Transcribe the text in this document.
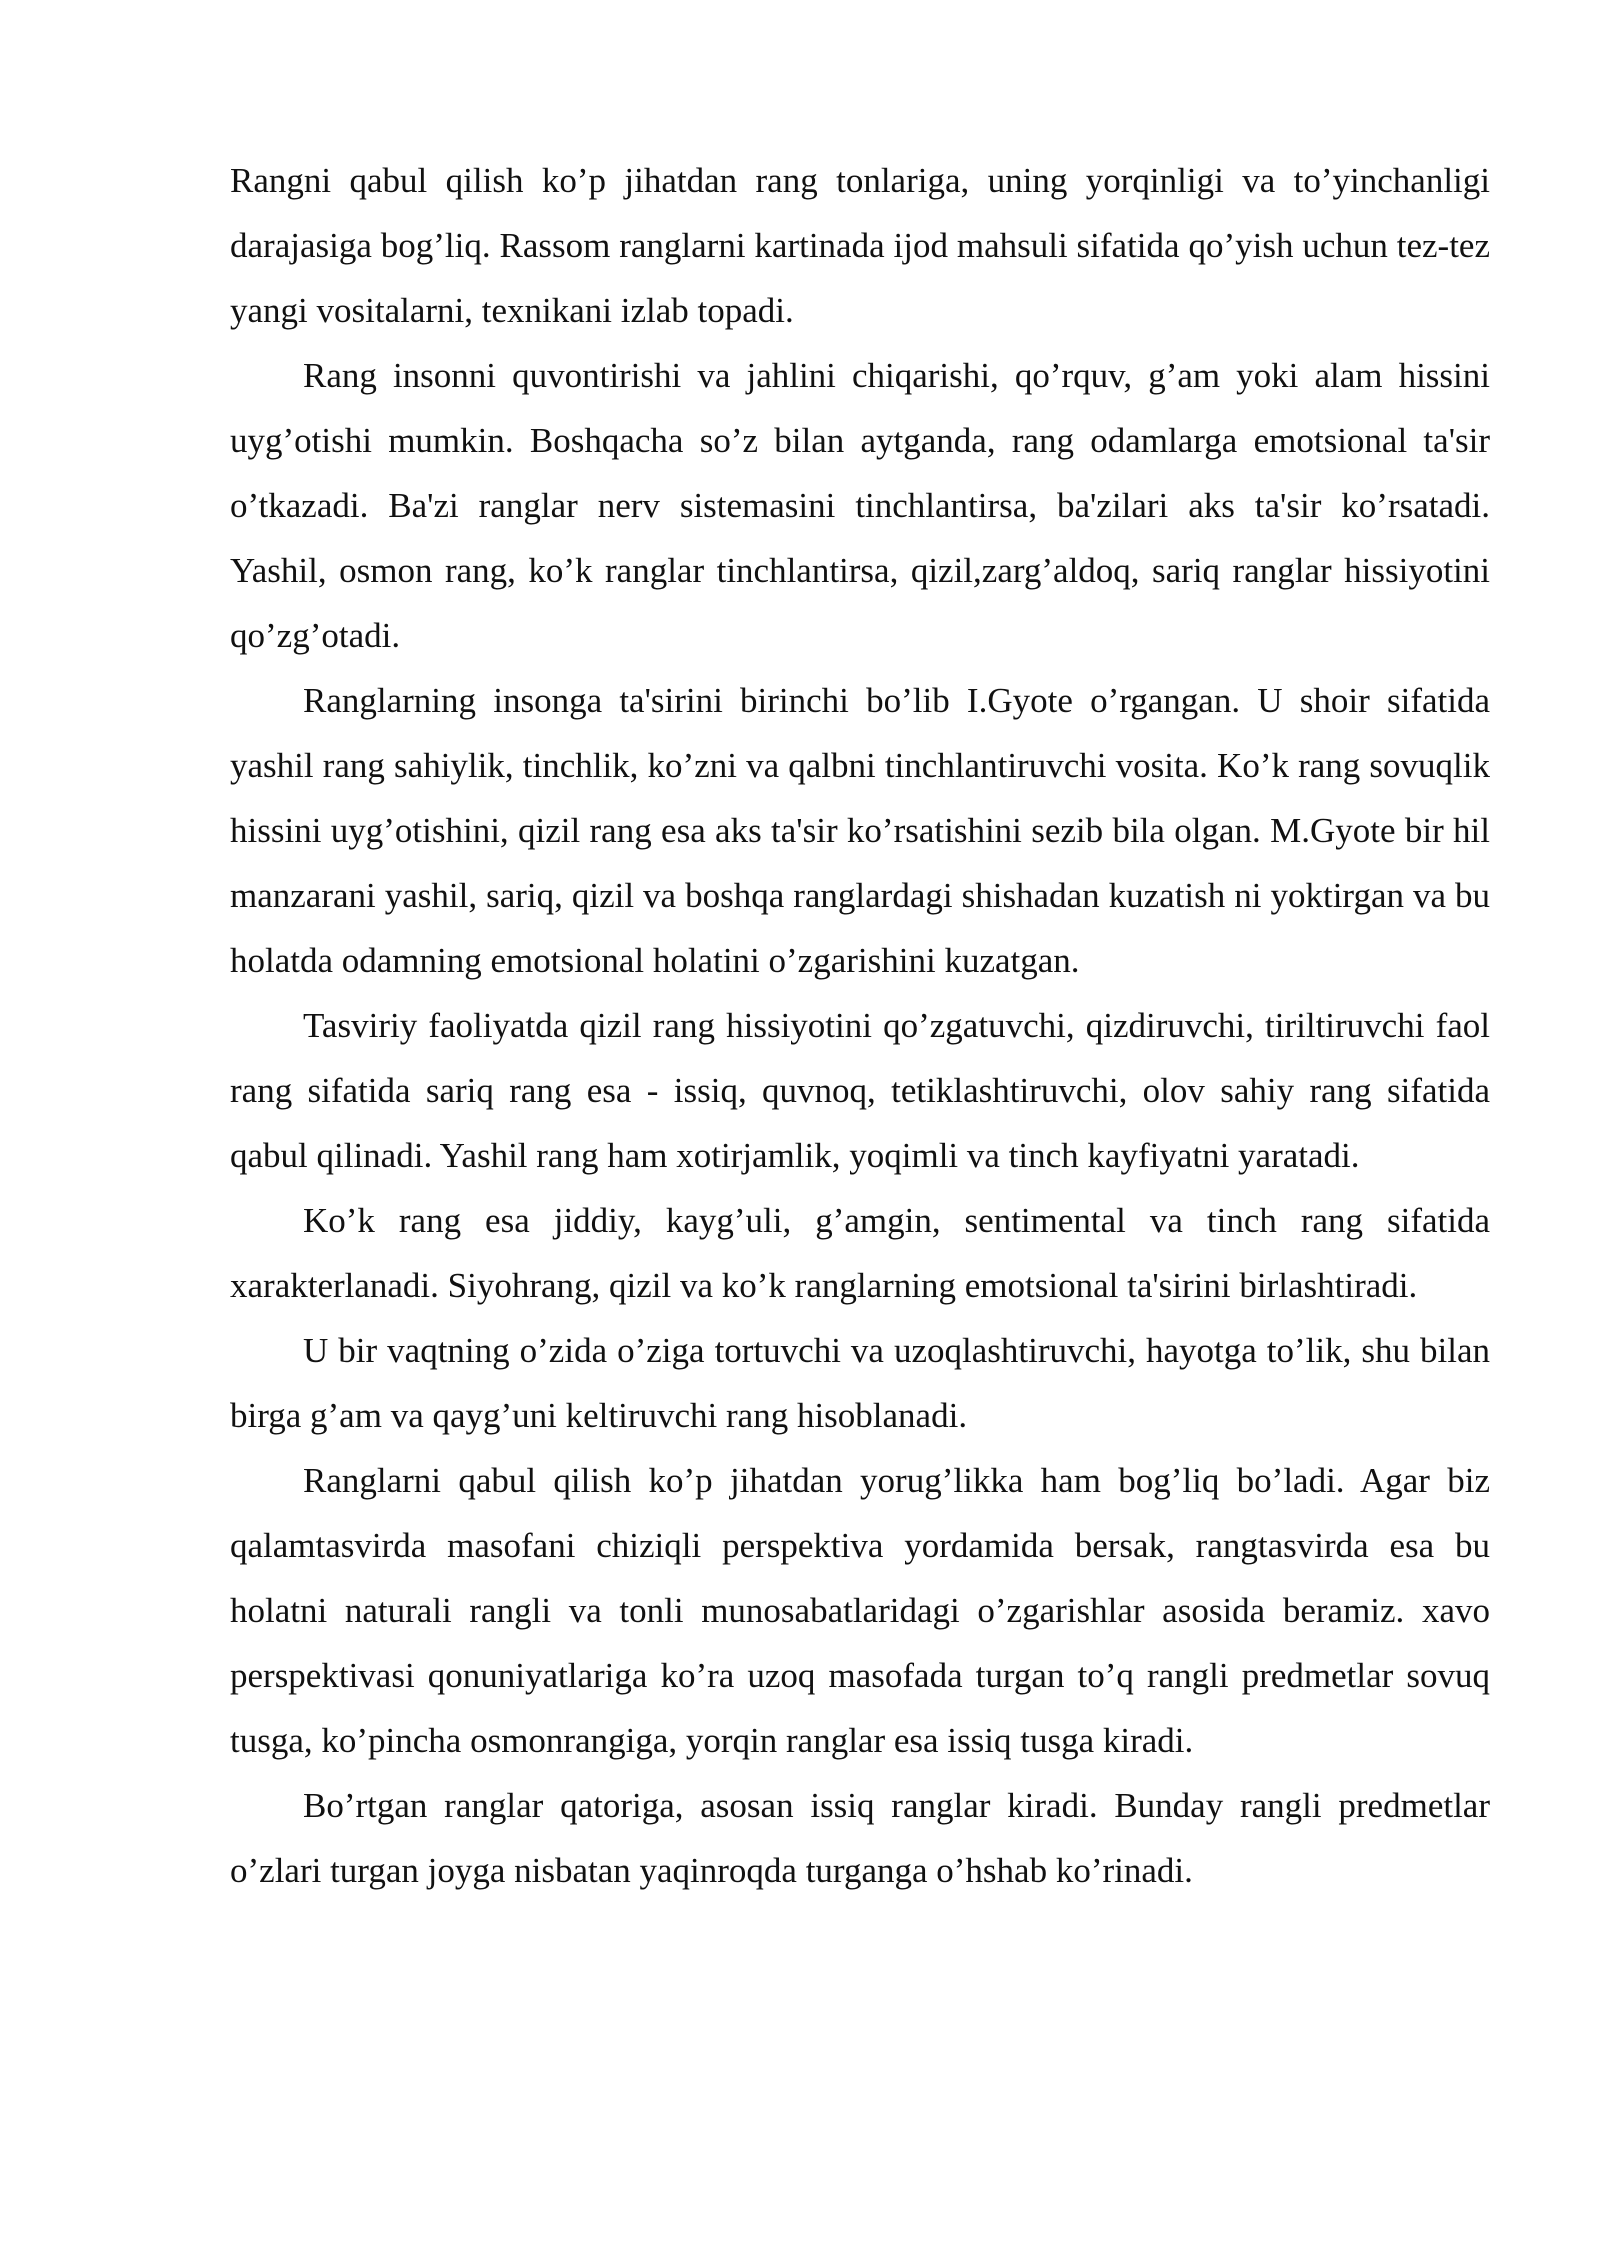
Rangni qabul qilish ko’p jihatdan rang tonlariga, uning yorqinligi va to’yinchanligi darajasiga bog’liq. Rassom ranglarni kartinada ijod mahsuli sifatida qo’yish uchun tez-tez yangi vositalarni, texnikani izlab topadi.

Rang insonni quvontirishi va jahlini chiqarishi, qo’rquv, g’am yoki alam hissini uyg’otishi mumkin. Boshqacha so’z bilan aytganda, rang odamlarga emotsional ta'sir o’tkazadi. Ba'zi ranglar nerv sistemasini tinchlantirsa, ba'zilari aks ta'sir ko’rsatadi. Yashil, osmon rang, ko’k ranglar tinchlantirsa, qizil,zarg’aldoq, sariq ranglar hissiyotini qo’zg’otadi.

Ranglarning insonga ta'sirini birinchi bo’lib I.Gyote o’rgangan. U shoir sifatida yashil rang sahiylik, tinchlik, ko’zni va qalbni tinchlantiruvchi vosita. Ko’k rang sovuqlik hissini uyg’otishini, qizil rang esa aks ta'sir ko’rsatishini sezib bila olgan. M.Gyote bir hil manzarani yashil, sariq, qizil va boshqa ranglardagi shishadan kuzatish ni yoktirgan va bu holatda odamning emotsional holatini o’zgarishini kuzatgan.

Tasviriy faoliyatda qizil rang hissiyotini qo’zgatuvchi, qizdiruvchi, tiriltiruvchi faol rang sifatida sariq rang esa - issiq, quvnoq, tetiklashtiruvchi, olov sahiy rang sifatida qabul qilinadi. Yashil rang ham xotirjamlik, yoqimli va tinch kayfiyatni yaratadi.

Ko’k rang esa jiddiy, kayg’uli, g’amgin, sentimental va tinch rang sifatida xarakterlanadi. Siyohrang, qizil va ko’k ranglarning emotsional ta'sirini birlashtiradi.

U bir vaqtning o’zida o’ziga tortuvchi va uzoqlashtiruvchi, hayotga to’lik, shu bilan birga g’am va qayg’uni keltiruvchi rang hisoblanadi.

Ranglarni qabul qilish ko’p jihatdan yorug’likka ham bog’liq bo’ladi. Agar biz qalamtasvirda masofani chiziqli perspektiva yordamida bersak, rangtasvirda esa bu holatni naturali rangli va tonli munosabatlaridagi o’zgarishlar asosida beramiz. xavo perspektivasi qonuniyatlariga ko’ra uzoq masofada turgan to’q rangli predmetlar sovuq tusga, ko’pincha osmonrangiga, yorqin ranglar esa issiq tusga kiradi.

Bo’rtgan ranglar qatoriga, asosan issiq ranglar kiradi. Bunday rangli predmetlar o’zlari turgan joyga nisbatan yaqinroqda turganga o’hshab ko’rinadi.
